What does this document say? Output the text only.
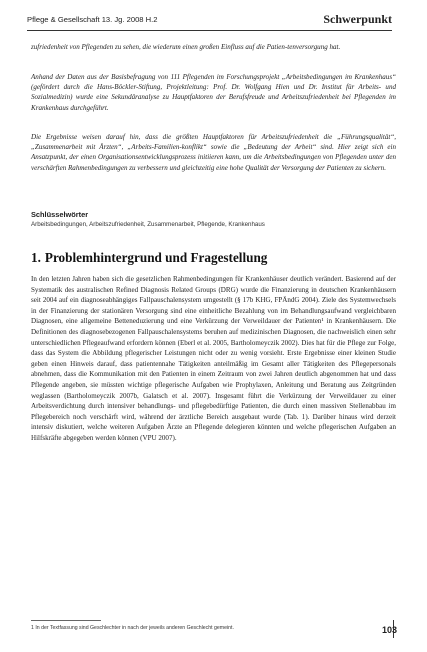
Pflege & Gesellschaft 13. Jg. 2008 H.2	Schwerpunkt

zufriedenheit von Pflegenden zu sehen, die wiederum einen großen Einfluss auf die Patien-tenversorgung hat.

Anhand der Daten aus der Basisbefragung von 111 Pflegenden im Forschungsprojekt „Arbeitsbedingungen im Krankenhaus“ (gefördert durch die Hans-Böckler-Stiftung, Projektleitung: Prof. Dr. Wolfgang Hien und Dr. Institut für Arbeits- und Sozialmedizin) wurde eine Sekundäranalyse zu Hauptfaktoren der Berufsfreude und Arbeitszufriedenheit bei Pflegenden im Krankenhaus durchgeführt.

Die Ergebnisse weisen darauf hin, dass die größten Hauptfaktoren für Arbeitszufriedenheit die „Führungsqualität“, „Zusammenarbeit mit Ärzten“, „Arbeits-Familien-konflikt“ sowie die „Bedeutung der Arbeit“ sind. Hier zeigt sich ein Ansatzpunkt, der einen Organisationsentwicklungsprozess initiieren kann, um die Arbeitsbedingungen von Pflegenden unter den verschärften Rahmenbedingungen zu verbessern und gleichzeitig eine hohe Qualität der Versorgung der Patienten zu sichern.

Schlüsselwörter
Arbeitsbedingungen, Arbeitszufriedenheit, Zusammenarbeit, Pflegende, Krankenhaus
1. Problemhintergrund und Fragestellung

In den letzten Jahren haben sich die gesetzlichen Rahmenbedingungen für Krankenhäuser deutlich verändert. Basierend auf der Systematik des australischen Refined Diagnosis Related Groups (DRG) wurde die Finanzierung in deutschen Krankenhäusern seit 2004 auf ein diagnoseabhängiges Fallpauschalensystem umgestellt (§ 17b KHG, FPÄndG 2004). Ziele des Systemwechsels in der Finanzierung der stationären Versorgung sind eine einheitliche Bezahlung von im Behandlungsaufwand vergleichbaren Diagnosen, eine allgemeine Betteneduzierung und eine Verkürzung der Verweildauer der Patienten¹ in Krankenhäusern. Die Definitionen des diagnosebezogenen Fallpauschalensystems beruhen auf medizinischen Diagnosen, die nachweislich einen sehr unterschiedlichen Pflegeaufwand erfordern können (Eberl et al. 2005, Bartholomeyczik 2002). Dies hat für die Pflege zur Folge, dass das System die Abbildung pflegerischer Leistungen nicht oder zu wenig vorsieht. Erste Ergebnisse einer kleinen Studie geben einen Hinweis darauf, dass patientennahe Tätigkeiten anteilmäßig im Gesamt aller Tätigkeiten des Pflegepersonals abnehmen, dass die Kommunikation mit den Patienten in einem Zeitraum von zwei Jahren deutlich abgenommen hat und dass Pflegende angeben, sie müssten wichtige pflegerische Aufgaben wie Prophylaxen, Anleitung und Beratung aus Zeitgründen weglassen (Bartholomeyczik 2007b, Galatsch et al. 2007). Insgesamt führt die Verkürzung der Verweildauer zu einer Arbeitsverdichtung durch intensiver behandlungs- und pflegebedürftige Patienten, die durch einen massiven Stellenabbau im Pflegebereich noch verschärft wird, während der ärztliche Bereich ausgebaut wurde (Tab. 1). Darüber hinaus wird derzeit intensiv diskutiert, welche weiteren Aufgaben Ärzte an Pflegende delegieren könnten und welche pflegerischen Aufgaben an Hilfskräfte abgegeben werden können (VPU 2007).

1 In der Textfassung sind Geschlechter in nach der jeweils anderen Geschlecht gemeint.	103
